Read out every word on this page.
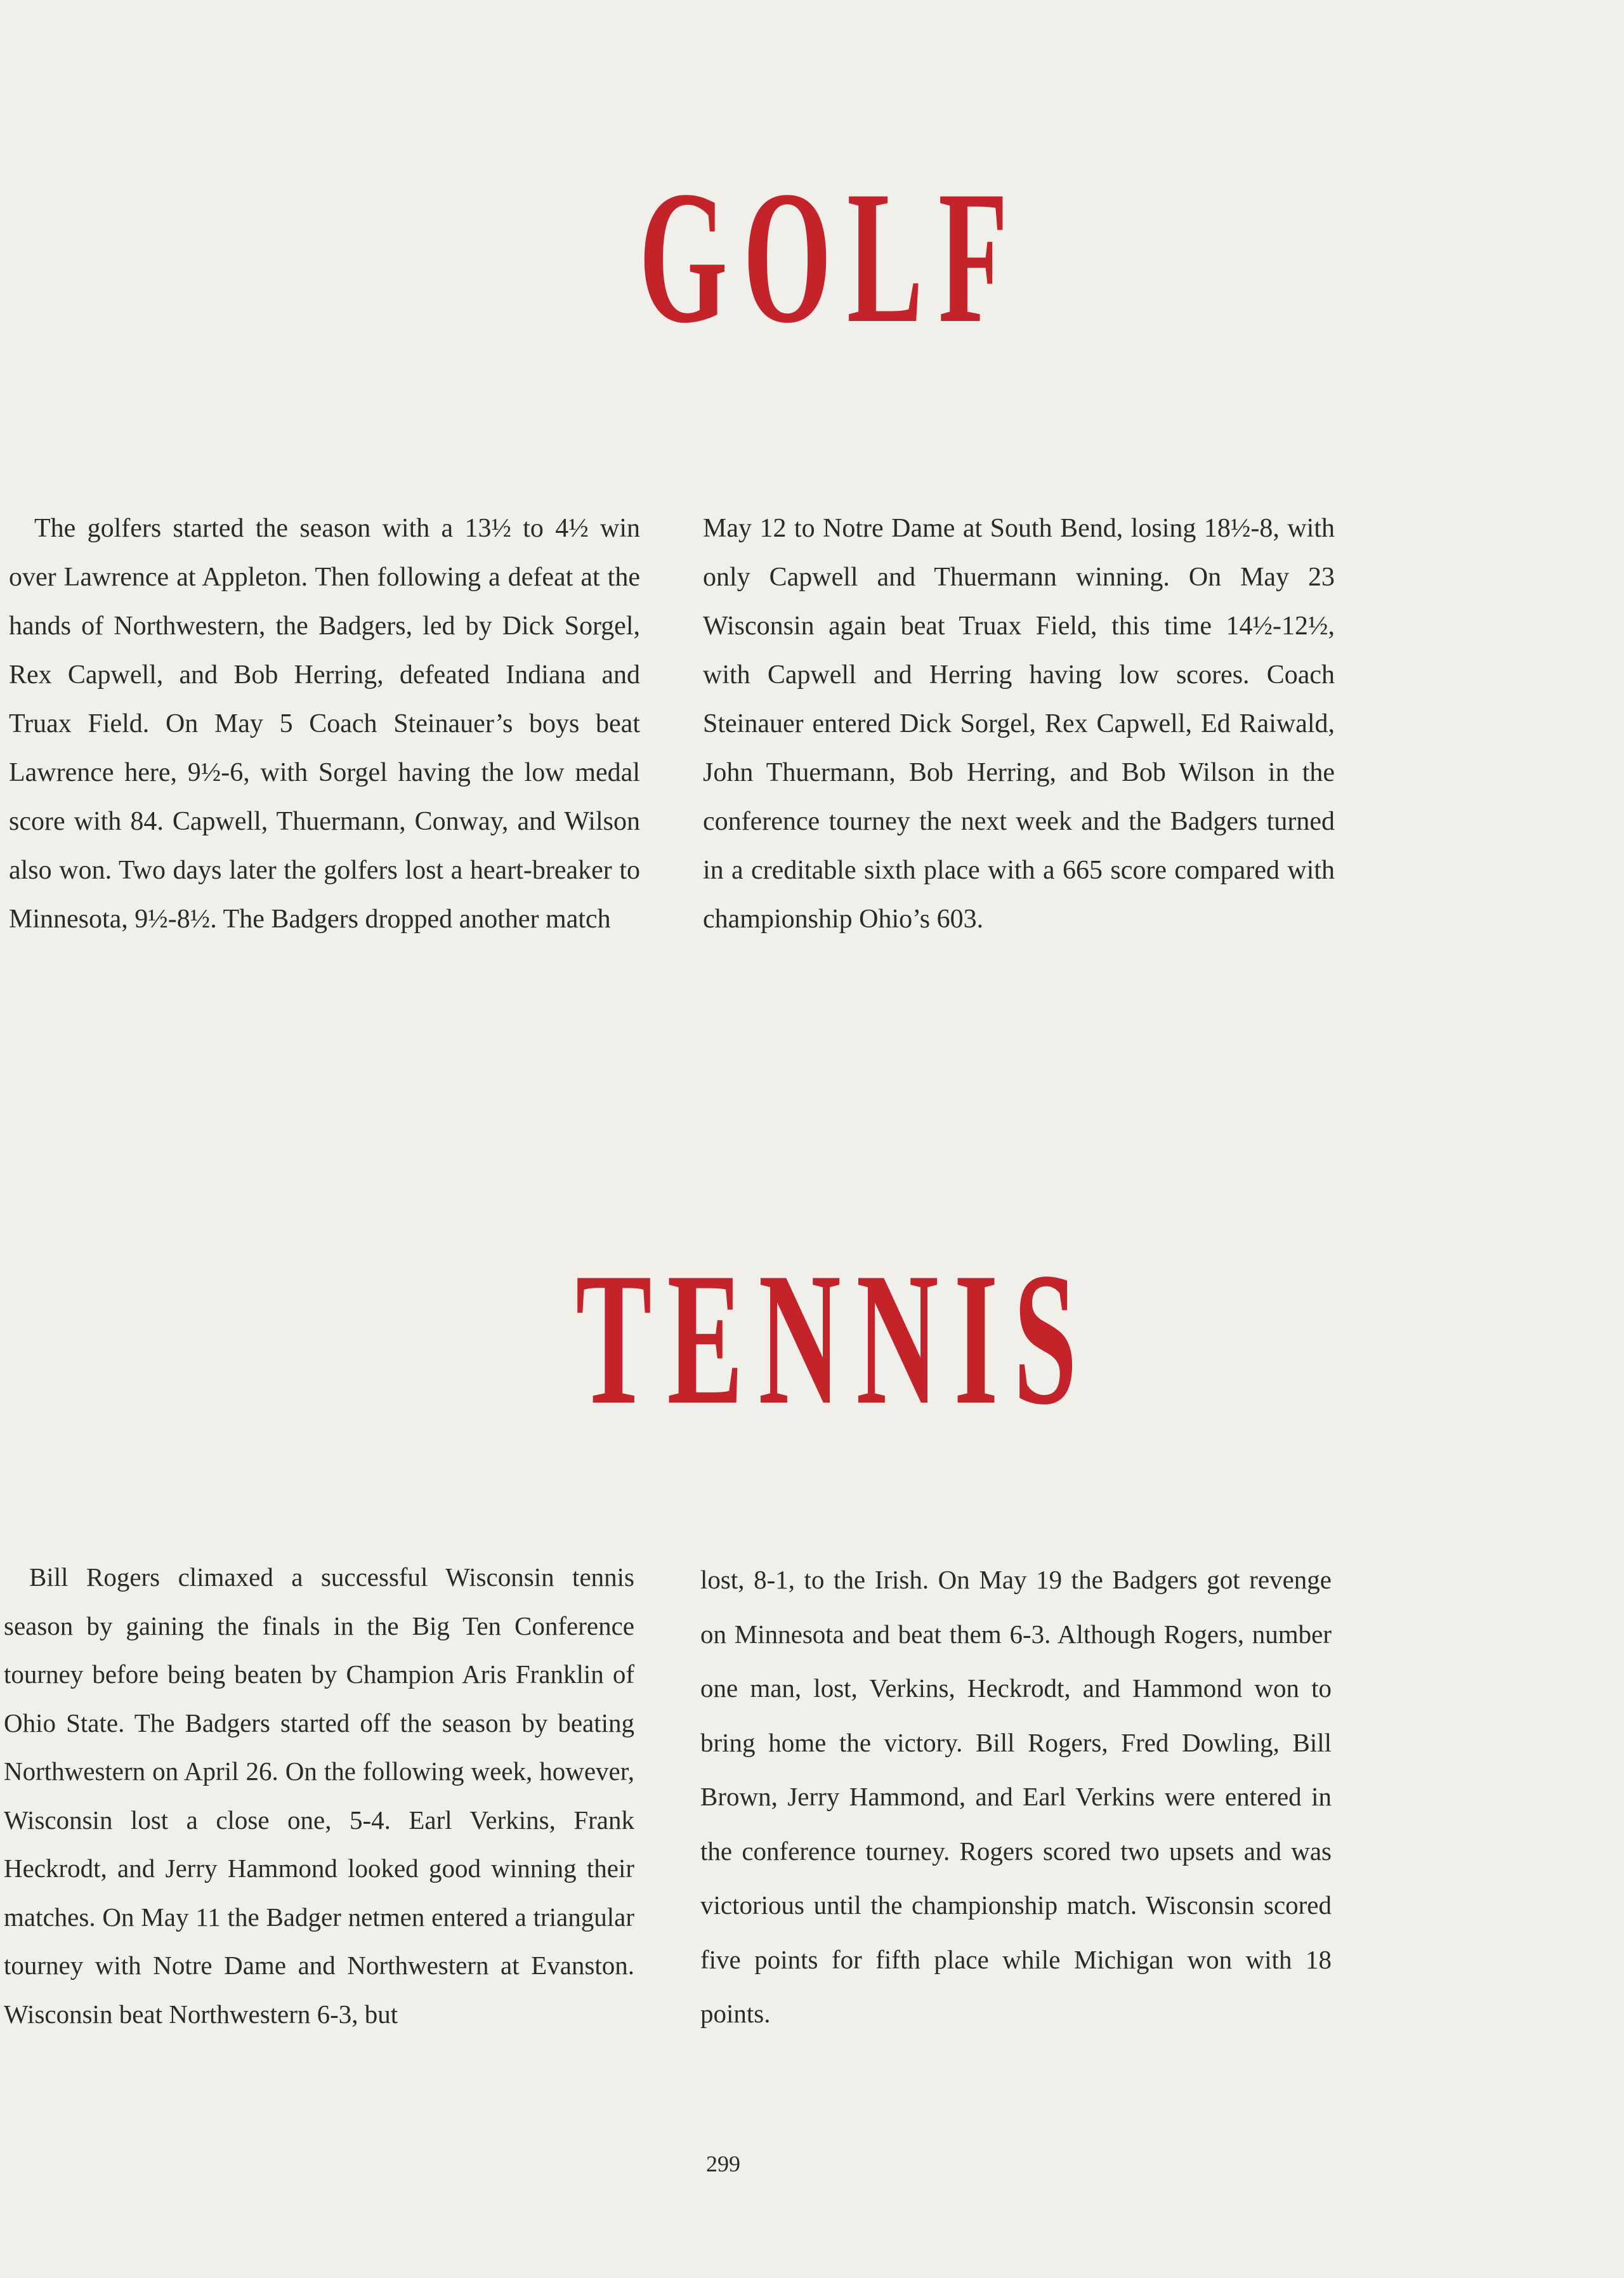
GOLF

The golfers started the season with a 13½ to 4½ win over Lawrence at Appleton. Then following a defeat at the hands of Northwestern, the Badgers, led by Dick Sorgel, Rex Capwell, and Bob Herring, defeated Indiana and Truax Field. On May 5 Coach Steinauer’s boys beat Lawrence here, 9½-6, with Sorgel having the low medal score with 84. Capwell, Thuermann, Conway, and Wilson also won. Two days later the golfers lost a heart-breaker to Minnesota, 9½-8½. The Badgers dropped another match

May 12 to Notre Dame at South Bend, losing 18½-8, with only Capwell and Thuermann winning. On May 23 Wisconsin again beat Truax Field, this time 14½-12½, with Capwell and Herring having low scores. Coach Steinauer entered Dick Sorgel, Rex Capwell, Ed Raiwald, John Thuermann, Bob Herring, and Bob Wilson in the conference tourney the next week and the Badgers turned in a creditable sixth place with a 665 score compared with championship Ohio’s 603.

TENNIS

Bill Rogers climaxed a successful Wisconsin tennis season by gaining the finals in the Big Ten Conference tourney before being beaten by Champion Aris Franklin of Ohio State. The Badgers started off the season by beating Northwestern on April 26. On the following week, however, Wisconsin lost a close one, 5-4. Earl Verkins, Frank Heckrodt, and Jerry Hammond looked good winning their matches. On May 11 the Badger netmen entered a triangular tourney with Notre Dame and Northwestern at Evanston. Wisconsin beat Northwestern 6-3, but

lost, 8-1, to the Irish. On May 19 the Badgers got revenge on Minnesota and beat them 6-3. Although Rogers, number one man, lost, Verkins, Heckrodt, and Hammond won to bring home the victory. Bill Rogers, Fred Dowling, Bill Brown, Jerry Hammond, and Earl Verkins were entered in the conference tourney. Rogers scored two upsets and was victorious until the championship match. Wisconsin scored five points for fifth place while Michigan won with 18 points.

299
